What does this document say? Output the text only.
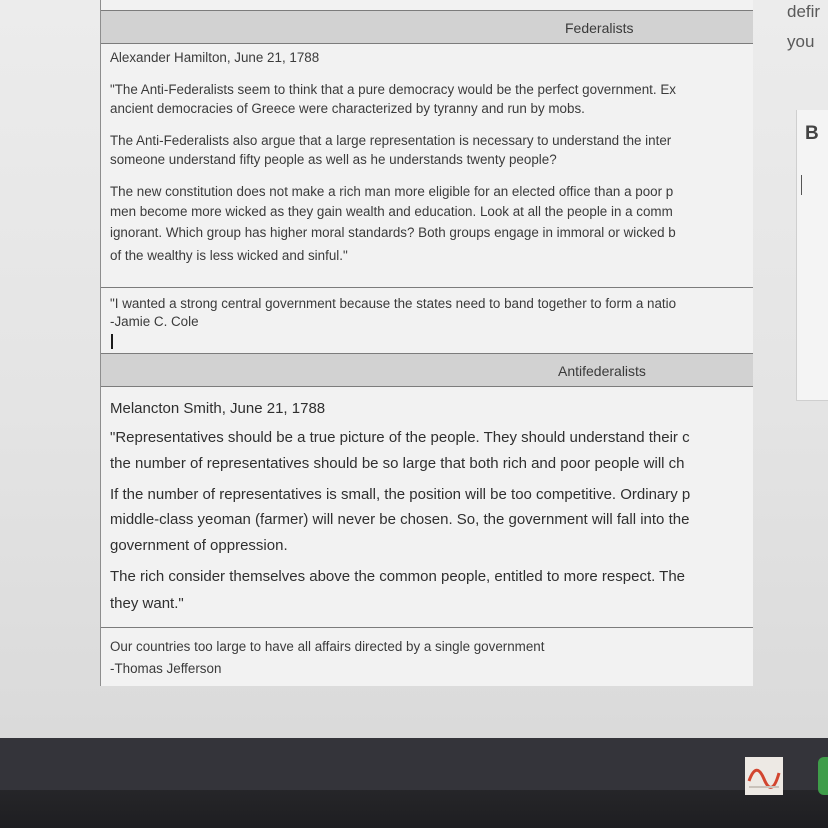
Federalists
Alexander Hamilton, June 21, 1788
"The Anti-Federalists seem to think that a pure democracy would be the perfect government. Ex
ancient democracies of Greece were characterized by tyranny and run by mobs.
The Anti-Federalists also argue that a large representation is necessary to understand the inter
someone understand fifty people as well as he understands twenty people?
The new constitution does not make a rich man more eligible for an elected office than a poor p
men become more wicked as they gain wealth and education. Look at all the people in a comm
ignorant. Which group has higher moral standards? Both groups engage in immoral or wicked b
of the wealthy is less wicked and sinful."
"I wanted a strong central government because the states need to band together to form a natio
-Jamie C. Cole
Antifederalists
Melancton Smith, June 21, 1788
"Representatives should be a true picture of the people. They should understand their c
the number of representatives should be so large that both rich and poor people will ch
If the number of representatives is small, the position will be too competitive. Ordinary p
middle-class yeoman (farmer) will never be chosen. So, the government will fall into the
government of oppression.
The rich consider themselves above the common people, entitled to more respect. The
they want."
Our countries too large to have all affairs directed by a single government
-Thomas Jefferson
defir
you
B
